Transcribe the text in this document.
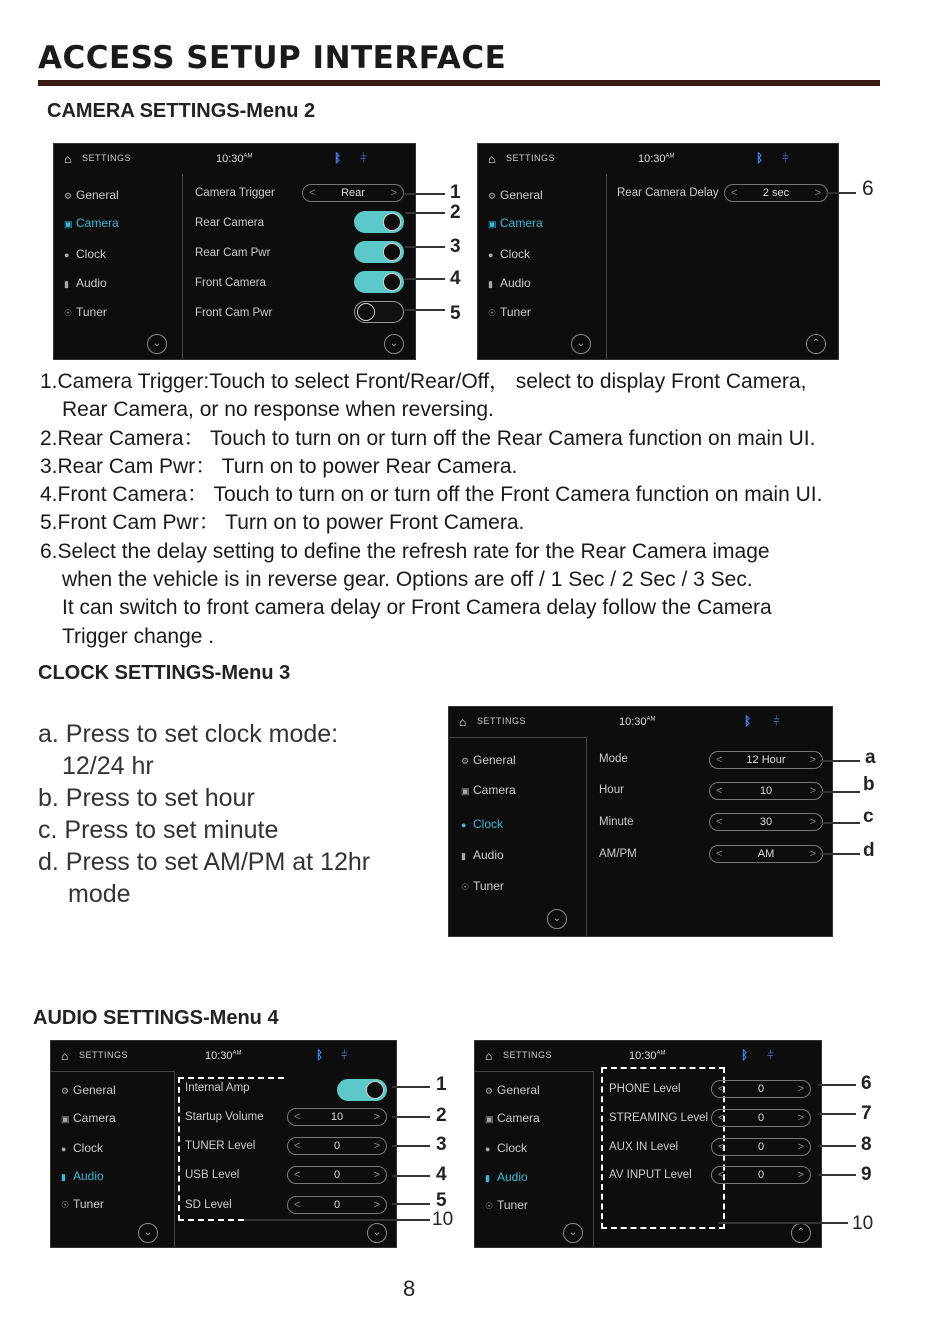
ACCESS SETUP INTERFACE
CAMERA SETTINGS-Menu 2
⌂ SETTINGS	$10:30^{AM}$	ᛒ ⫩
⚙ General
▣ Camera
● Clock
▮ Audio
☉ Tuner
⌄
Camera Trigger	< Rear >
Rear Camera
Rear Cam Pwr
Front Camera
Front Cam Pwr
⌄
1
2
3
4
5
⌂ SETTINGS	$10:30^{AM}$	ᛒ ⫩
⚙ General
▣ Camera
● Clock
▮ Audio
☉ Tuner
⌄
Rear Camera Delay < 2 sec >
⌃
6
1.Camera Trigger:Touch to select Front/Rear/Off， select to display Front Camera,
Rear Camera, or no response when reversing.
2.Rear Camera： Touch to turn on or turn off the Rear Camera function on main UI.
3.Rear Cam Pwr： Turn on to power Rear Camera.
4.Front Camera： Touch to turn on or turn off the Front Camera function on main UI.
5.Front Cam Pwr： Turn on to power Front Camera.
6.Select the delay setting to define the refresh rate for the Rear Camera image
when the vehicle is in reverse gear. Options are off / 1 Sec / 2 Sec / 3 Sec.
It can switch to front camera delay or Front Camera delay follow the Camera
Trigger change .
CLOCK SETTINGS-Menu 3
a. Press to set clock mode:
12/24 hr
b. Press to set hour
c. Press to set minute
d. Press to set AM/PM at 12hr
mode
⌂ SETTINGS	$10:30^{AM}$	ᛒ ⫩
⚙ General
▣ Camera
● Clock
▮ Audio
☉ Tuner
⌄
Mode	< 12 Hour >
Hour	<	10	>
Minute	<	30	>
AM/PM	<	AM	>
a
b
c
d
AUDIO SETTINGS-Menu 4
⌂ SETTINGS	$10:30^{AM}$	ᛒ ⫩
⚙ General
▣ Camera
● Clock
▮ Audio
☉ Tuner
⌄
Internal Amp
Startup Volume	<	10	>
TUNER Level	<	0	>
USB Level	<	0	>
SD Level	<	0	>
⌄
1
2
3
4
5
10
⌂ SETTINGS	$10:30^{AM}$	ᛒ ⫩
⚙ General
▣ Camera
● Clock
▮ Audio
☉ Tuner
⌄
PHONE Level	<	0	>
STREAMING Level <	0	>
AUX IN Level	<	0	>
AV INPUT Level <	0	>
⌃
6
7
8
9
10
8
